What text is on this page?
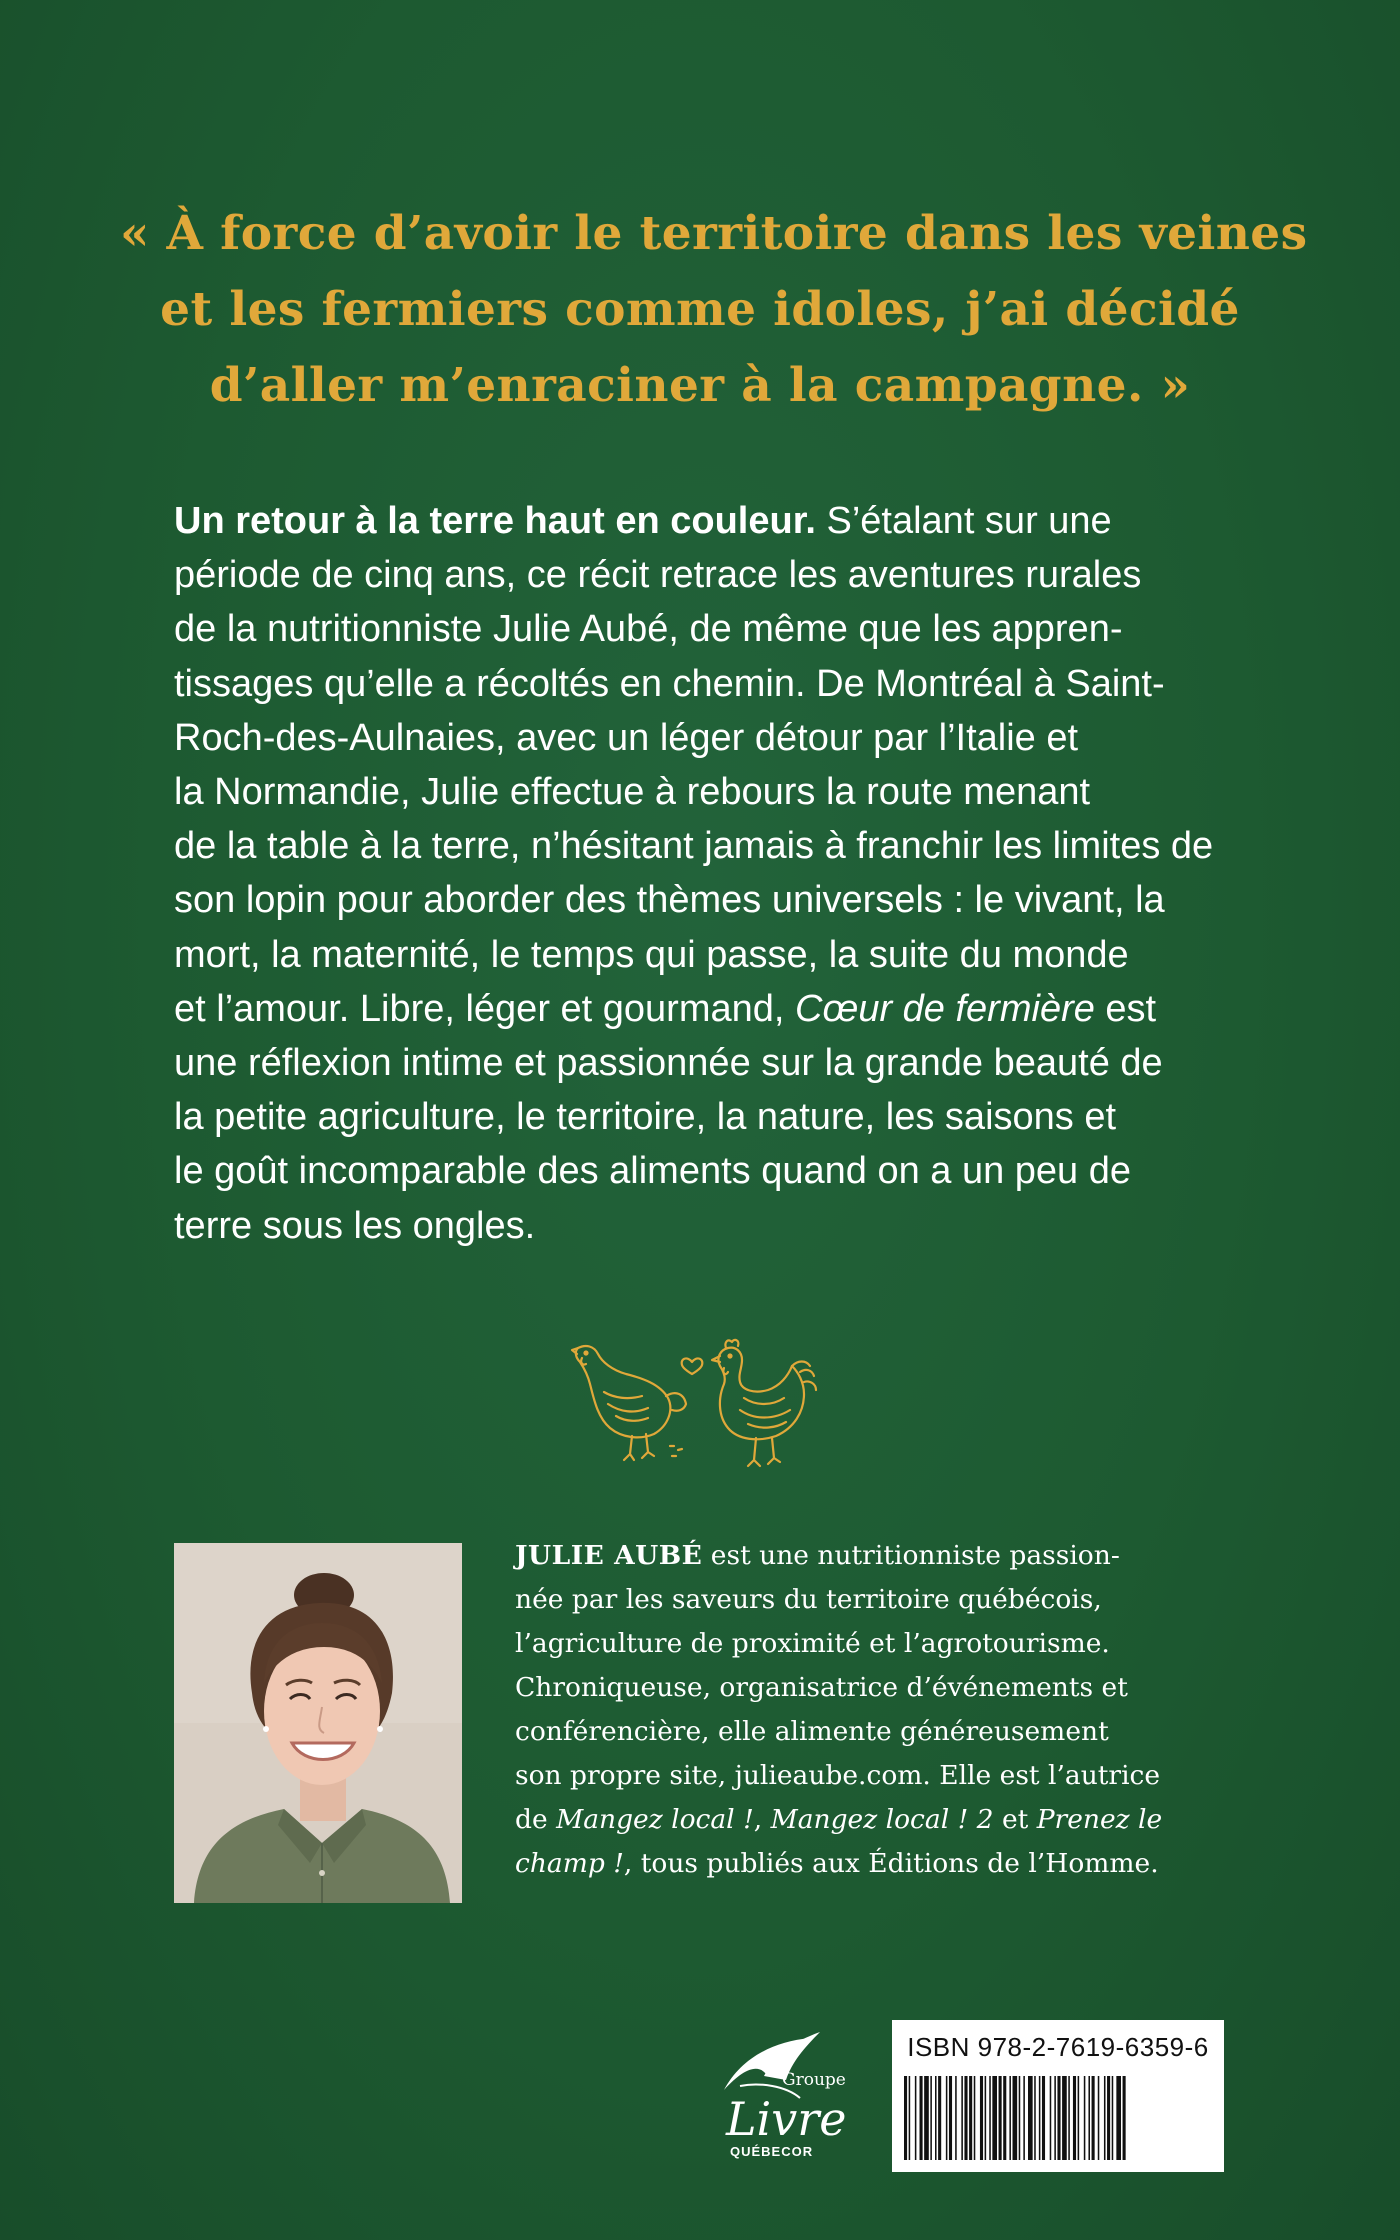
« À force d’avoir le territoire dans les veines
et les fermiers comme idoles, j’ai décidé
d’aller m’enraciner à la campagne. »
Un retour à la terre haut en couleur. S’étalant sur une
période de cinq ans, ce récit retrace les aventures rurales
de la nutritionniste Julie Aubé, de même que les appren-
tissages qu’elle a récoltés en chemin. De Montréal à Saint-
Roch-des-Aulnaies, avec un léger détour par l’Italie et
la Normandie, Julie effectue à rebours la route menant
de la table à la terre, n’hésitant jamais à franchir les limites de
son lopin pour aborder des thèmes universels : le vivant, la
mort, la maternité, le temps qui passe, la suite du monde
et l’amour. Libre, léger et gourmand, Cœur de fermière est
une réflexion intime et passionnée sur la grande beauté de
la petite agriculture, le territoire, la nature, les saisons et
le goût incomparable des aliments quand on a un peu de
terre sous les ongles.
JULIE AUBÉ est une nutritionniste passion-
née par les saveurs du territoire québécois,
l’agriculture de proximité et l’agrotourisme.
Chroniqueuse, organisatrice d’événements et
conférencière, elle alimente généreusement
son propre site, julieaube.com. Elle est l’autrice
de Mangez local !, Mangez local ! 2 et Prenez le
champ !, tous publiés aux Éditions de l’Homme.
Groupe
Livre
QUÉBECOR
ISBN 978-2-7619-6359-6
